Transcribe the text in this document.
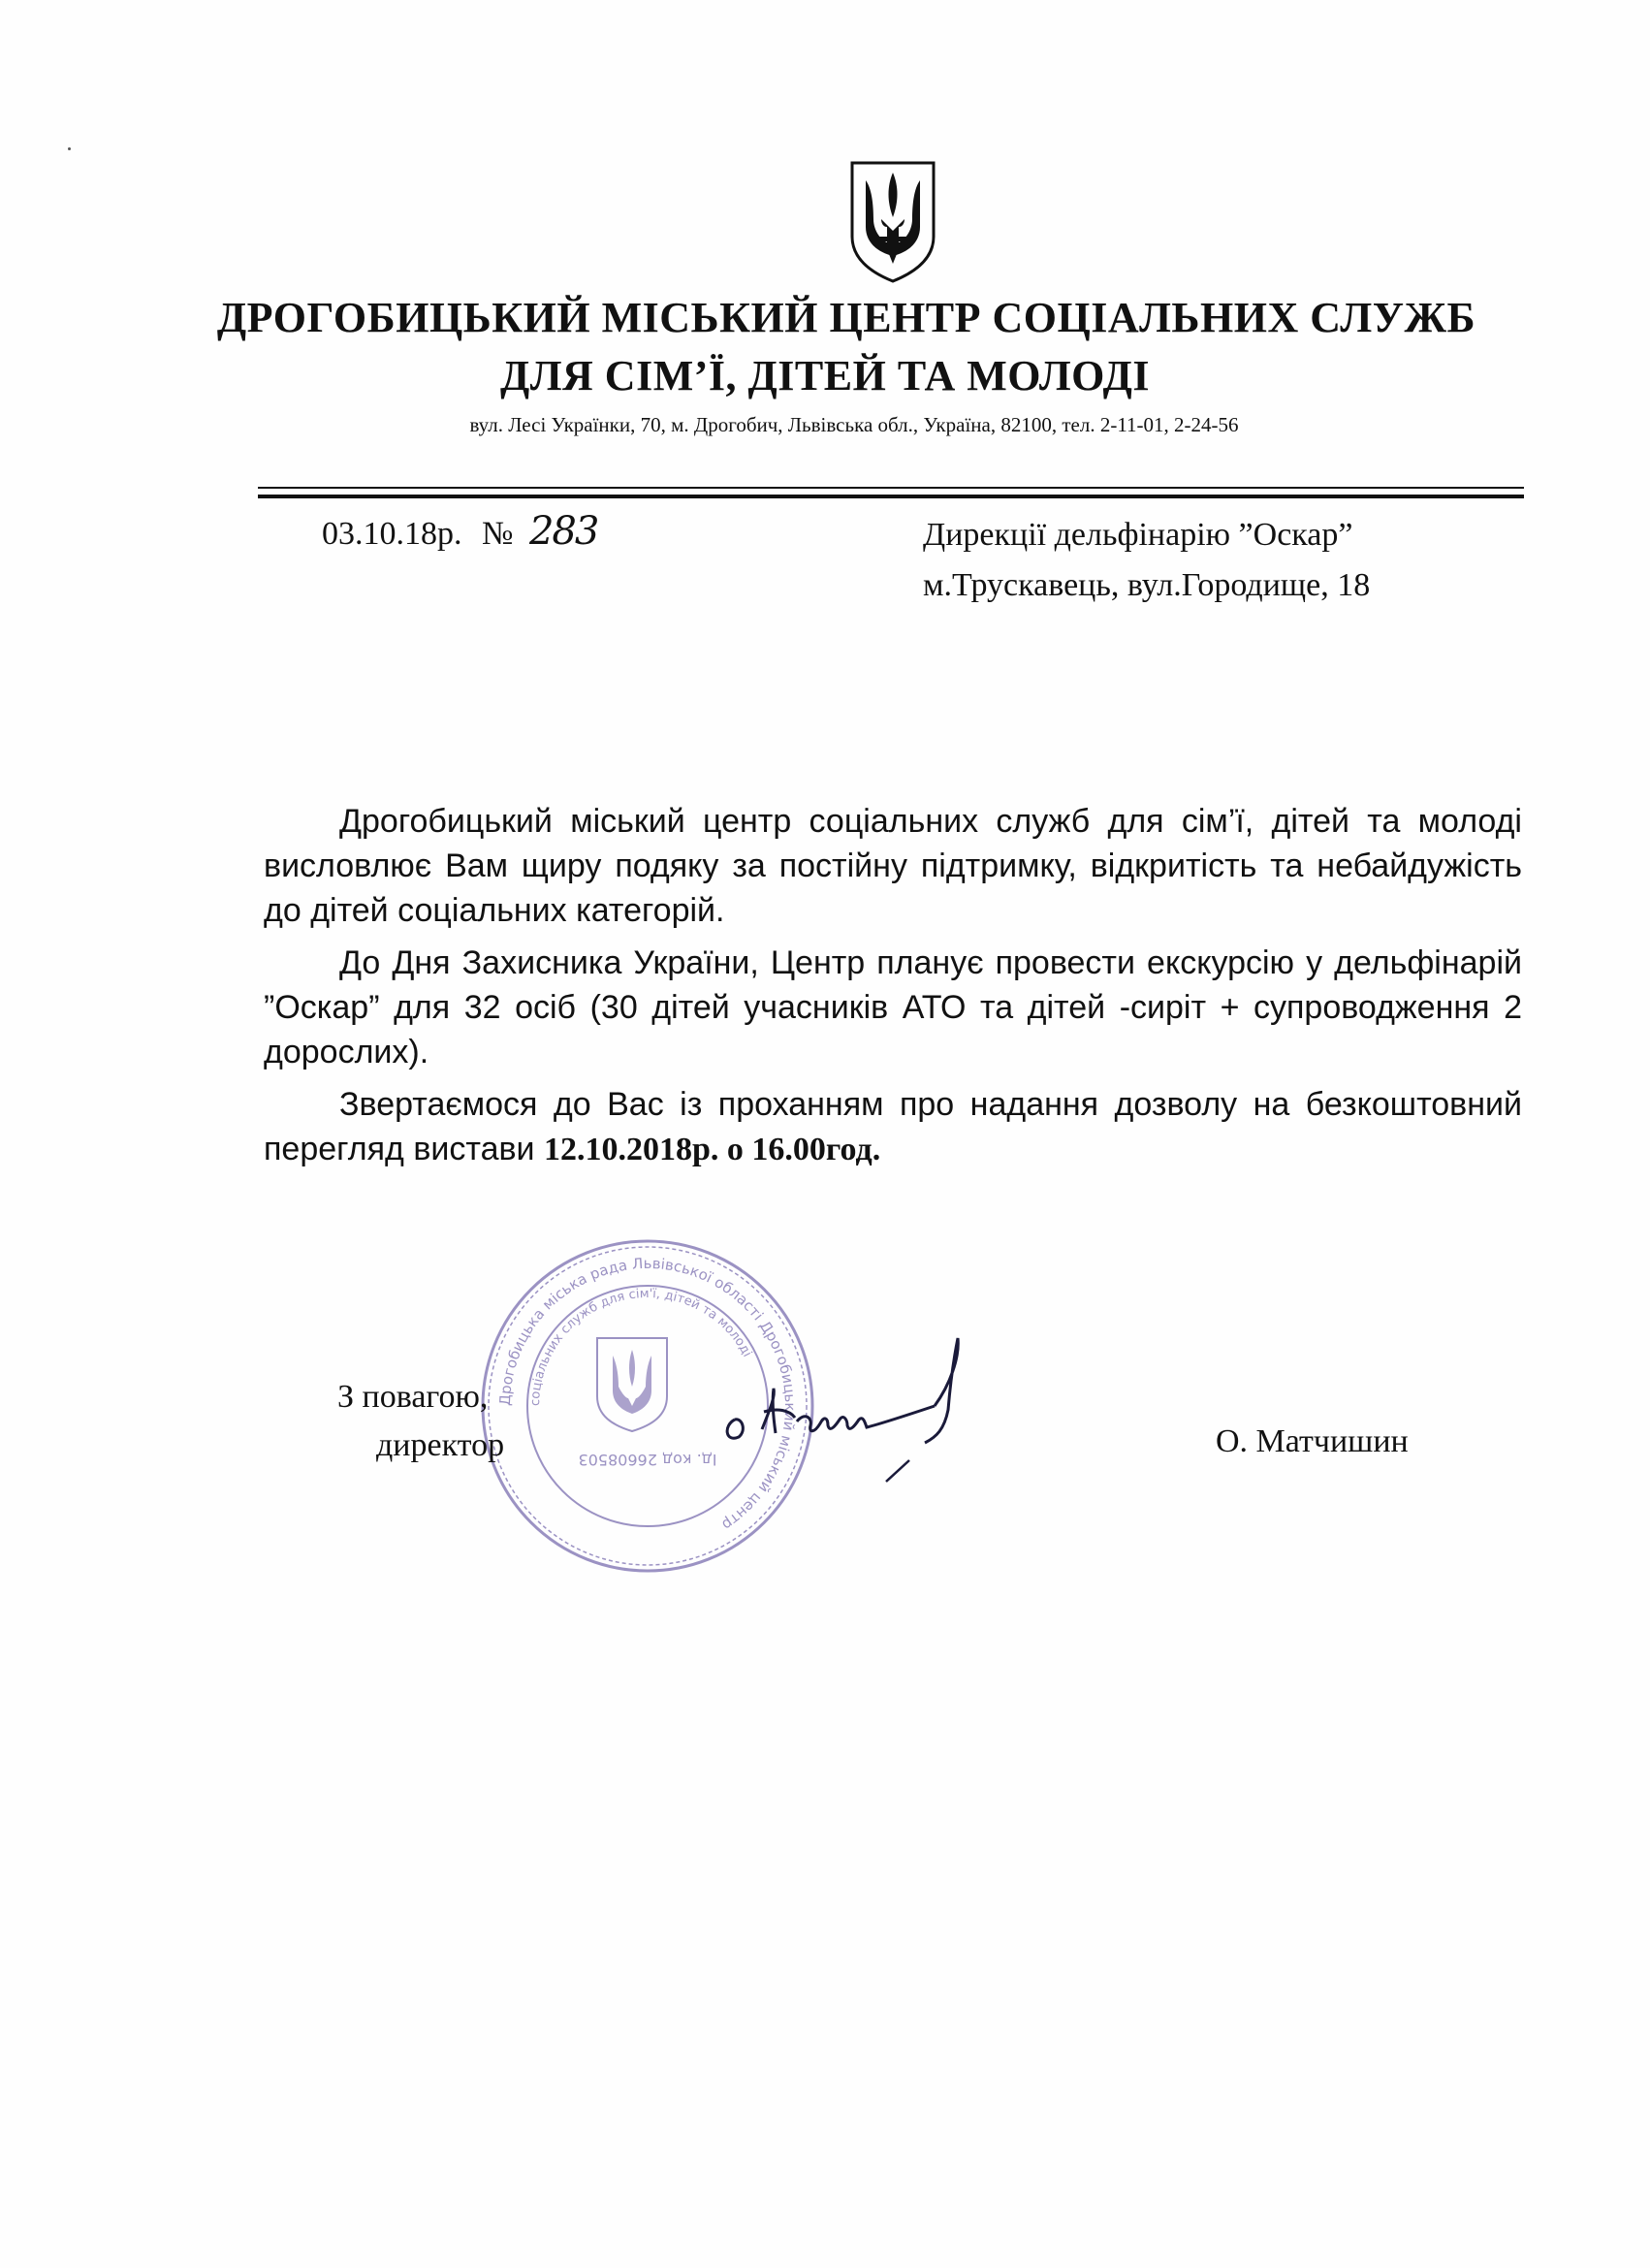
ДРОГОБИЦЬКИЙ МІСЬКИЙ ЦЕНТР СОЦІАЛЬНИХ СЛУЖБ
ДЛЯ СІМ’Ї, ДІТЕЙ ТА МОЛОДІ
вул. Лесі Українки, 70, м. Дрогобич, Львівська обл., Україна, 82100, тел. 2-11-01, 2-24-56
03.10.18р. № 283	Дирекції дельфінарію ”Оскар”
м.Трускавець, вул.Городище, 18

Дрогобицький міський центр соціальних служб для сім’ї, дітей та молоді висловлює Вам щиру подяку за постійну підтримку, відкритість та небайдужість до дітей соціальних категорій.

До Дня Захисника України, Центр планує провести екскурсію у дельфінарій ”Оскар” для 32 осіб (30 дітей учасників АТО та дітей -сиріт + супроводження 2 дорослих).

Звертаємося до Вас із проханням про надання дозволу на безкоштовний перегляд вистави 12.10.2018р. о 16.00год.

Дрогобицька міська рада Львівської області Дрогобицький міський центр
соціальних служб для сім'ї, дітей та молоді
Ід. код 26608503
З повагою,
директор	О. Матчишин
